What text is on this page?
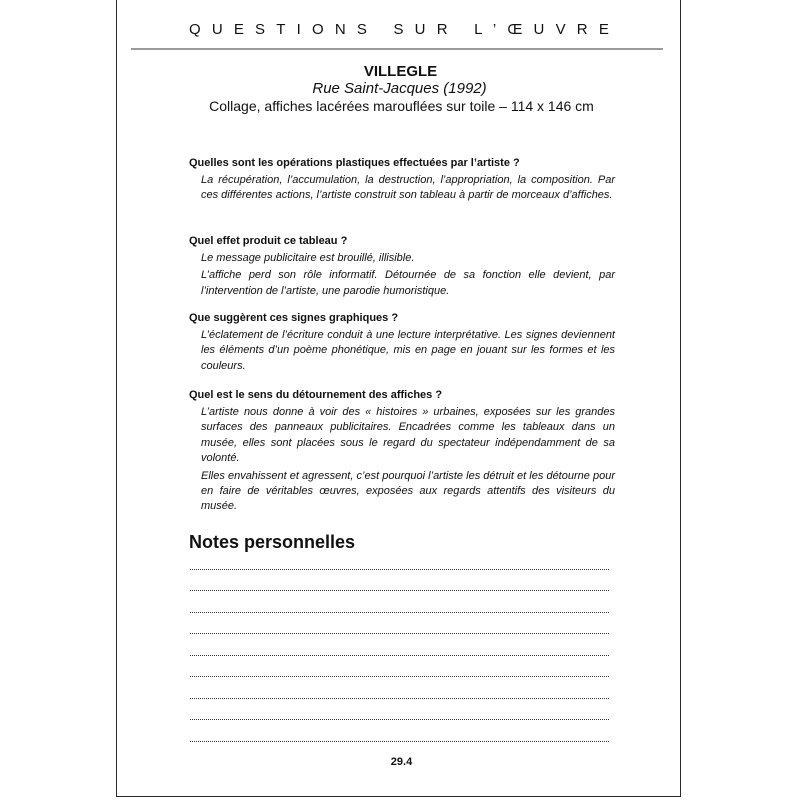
QUESTIONS SUR L’ŒUVRE
VILLEGLE
Rue Saint-Jacques (1992)
Collage, affiches lacérées marouflées sur toile – 114 x 146 cm
Quelles sont les opérations plastiques effectuées par l’artiste ?
La récupération, l’accumulation, la destruction, l’appropriation, la composition. Par ces différentes actions, l’artiste construit son tableau à partir de morceaux d’affiches.
Quel effet produit ce tableau ?
Le message publicitaire est brouillé, illisible.
L’affiche perd son rôle informatif. Détournée de sa fonction elle devient, par l’intervention de l’artiste, une parodie humoristique.
Que suggèrent ces signes graphiques ?
L’éclatement de l’écriture conduit à une lecture interprétative. Les signes deviennent les éléments d’un poème phonétique, mis en page en jouant sur les formes et les couleurs.
Quel est le sens du détournement des affiches ?
L’artiste nous donne à voir des « histoires » urbaines, exposées sur les grandes surfaces des panneaux publicitaires. Encadrées comme les tableaux dans un musée, elles sont placées sous le regard du spectateur indépendamment de sa volonté.
Elles envahissent et agressent, c’est pourquoi l’artiste les détruit et les détourne pour en faire de véritables œuvres, exposées aux regards attentifs des visiteurs du musée.
Notes personnelles
29.4
